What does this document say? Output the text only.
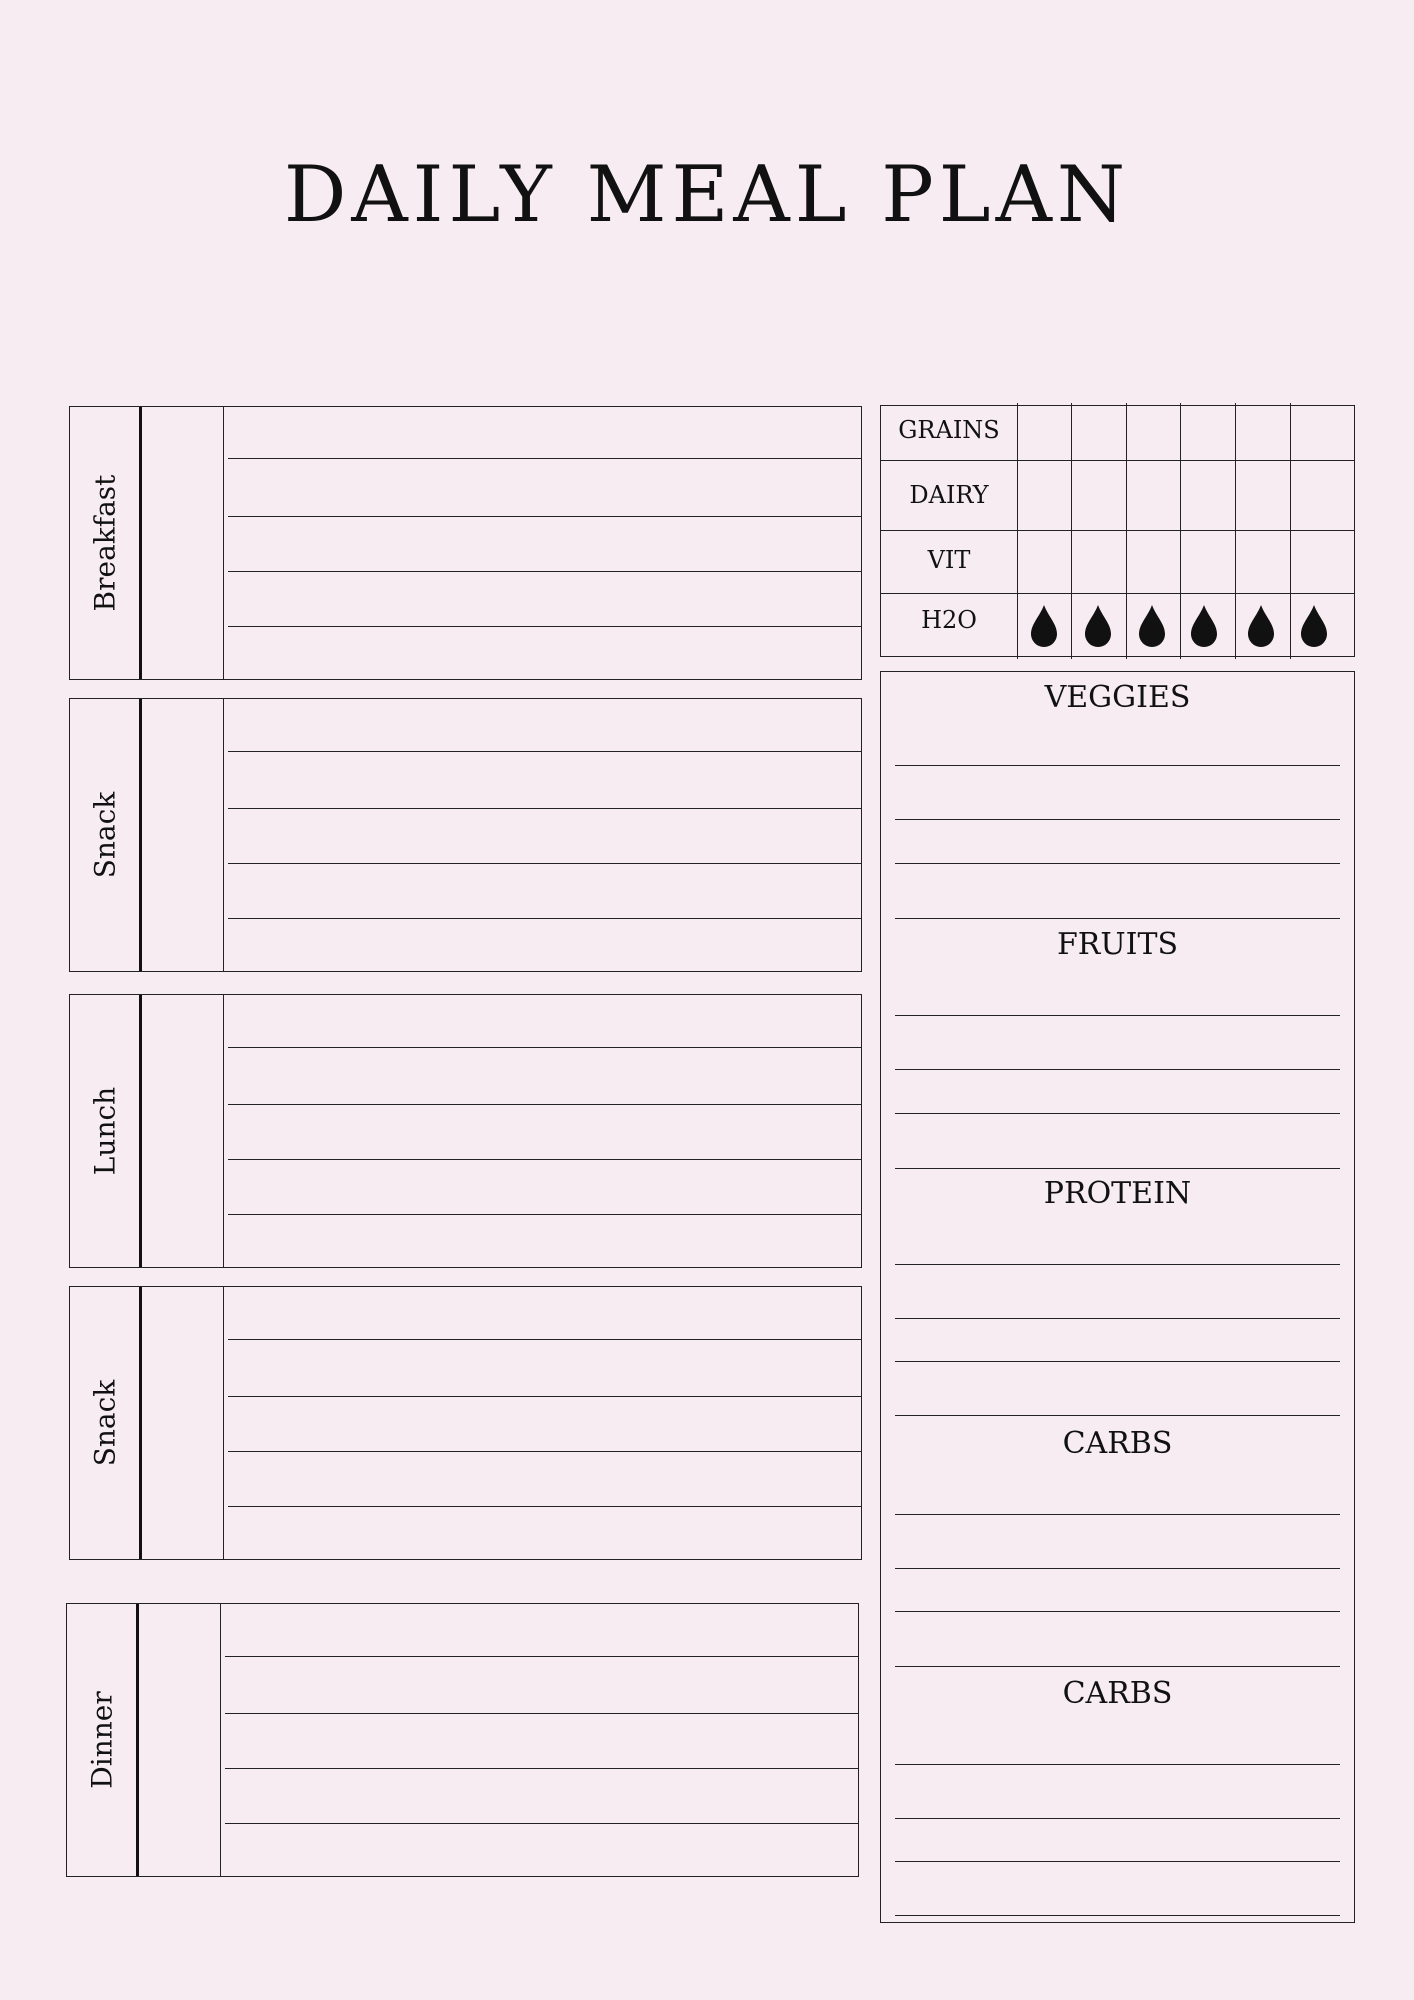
DAILY MEAL PLAN
Breakfast
Snack
Lunch
Snack
Dinner
GRAINS
DAIRY
VIT
H2O
VEGGIES
FRUITS
PROTEIN
CARBS
CARBS
